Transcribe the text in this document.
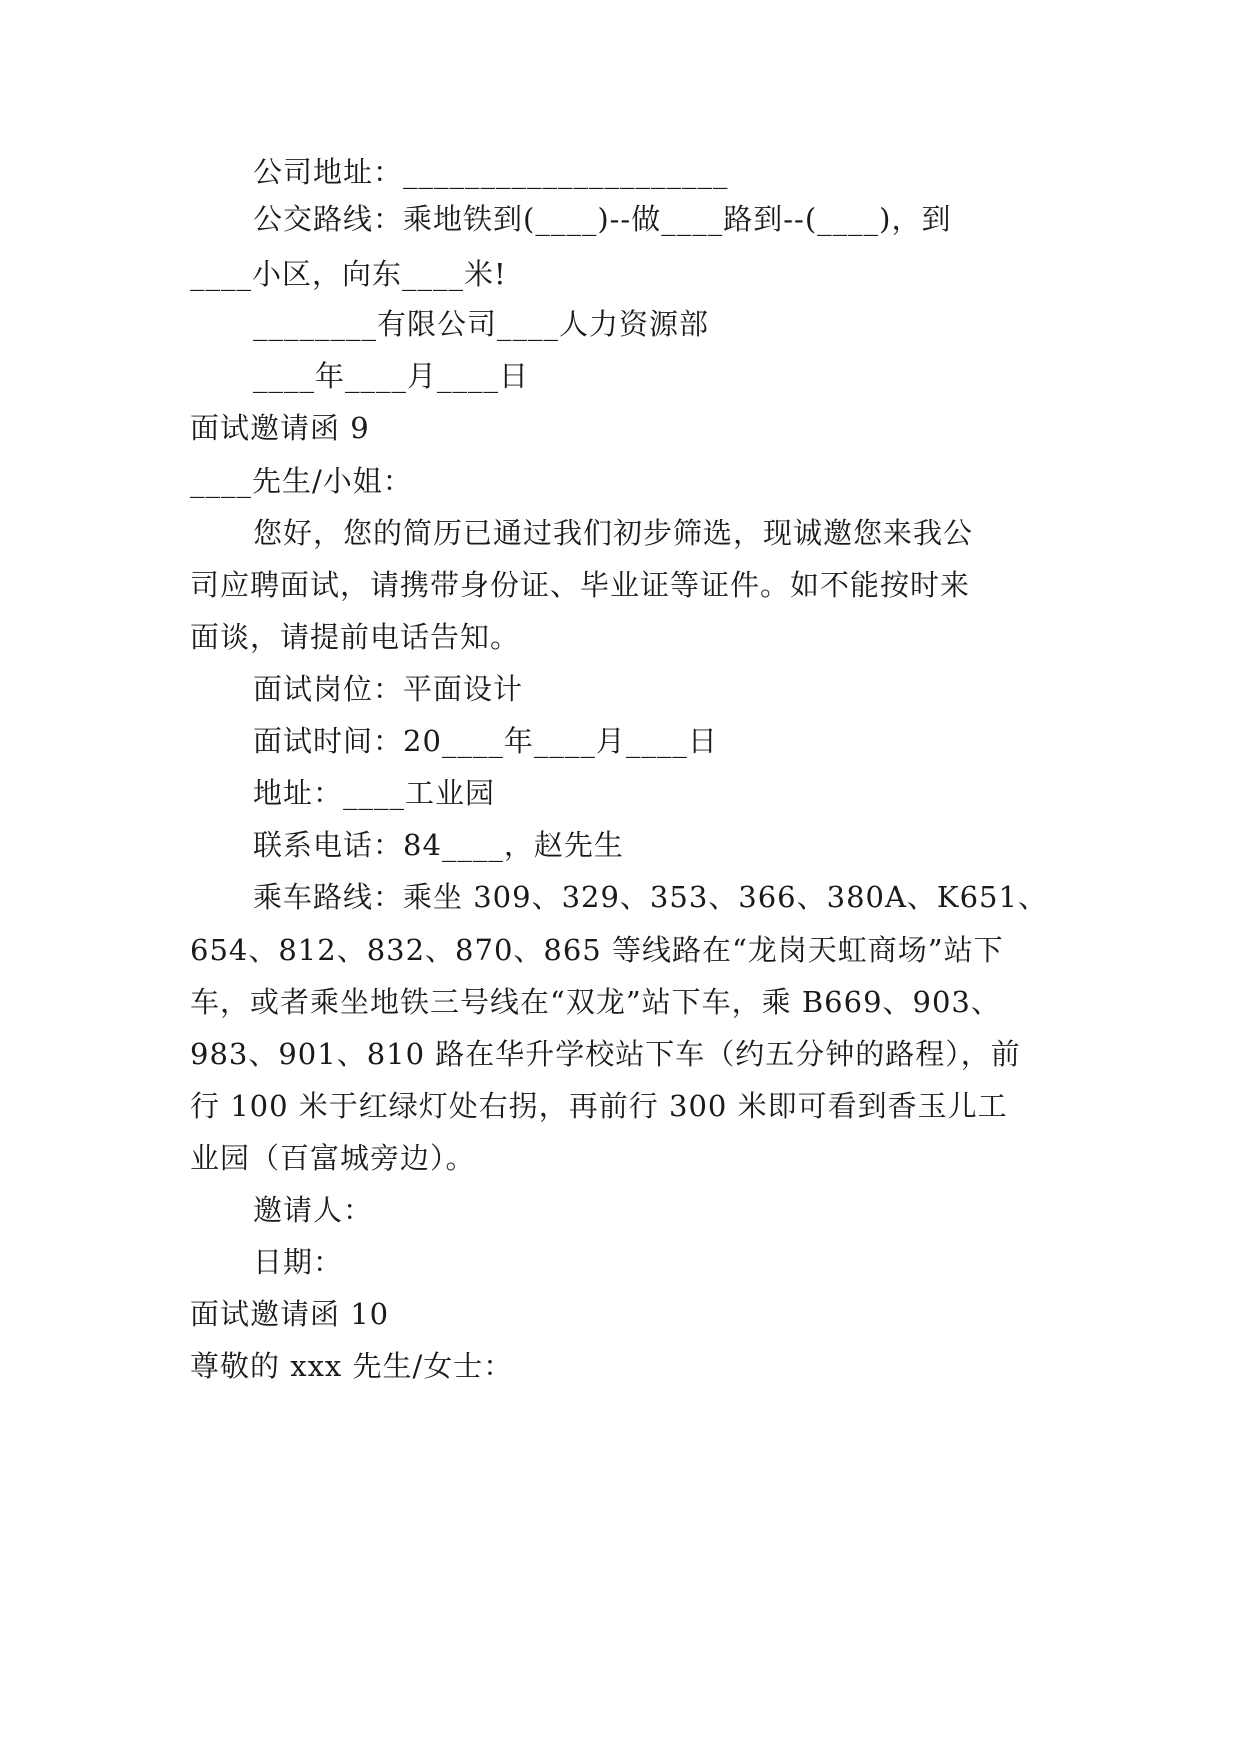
公司地址：_____________________
公交路线：乘地铁到(____)--做____路到--(____)，到
____小区，向东____米!
________有限公司____人力资源部
____年____月____日
面试邀请函 9
____先生/小姐：
您好，您的简历已通过我们初步筛选，现诚邀您来我公
司应聘面试，请携带身份证、毕业证等证件。如不能按时来
面谈，请提前电话告知。
面试岗位：平面设计
面试时间：20____年____月____日
地址：____工业园
联系电话：84____，赵先生
乘车路线：乘坐 309、329、353、366、380A、K651、
654、812、832、870、865 等线路在“龙岗天虹商场”站下
车，或者乘坐地铁三号线在“双龙”站下车，乘 B669、903、
983、901、810 路在华升学校站下车（约五分钟的路程），前
行 100 米于红绿灯处右拐，再前行 300 米即可看到香玉儿工
业园（百富城旁边）。
邀请人：
日期：
面试邀请函 10
尊敬的 xxx 先生/女士：
